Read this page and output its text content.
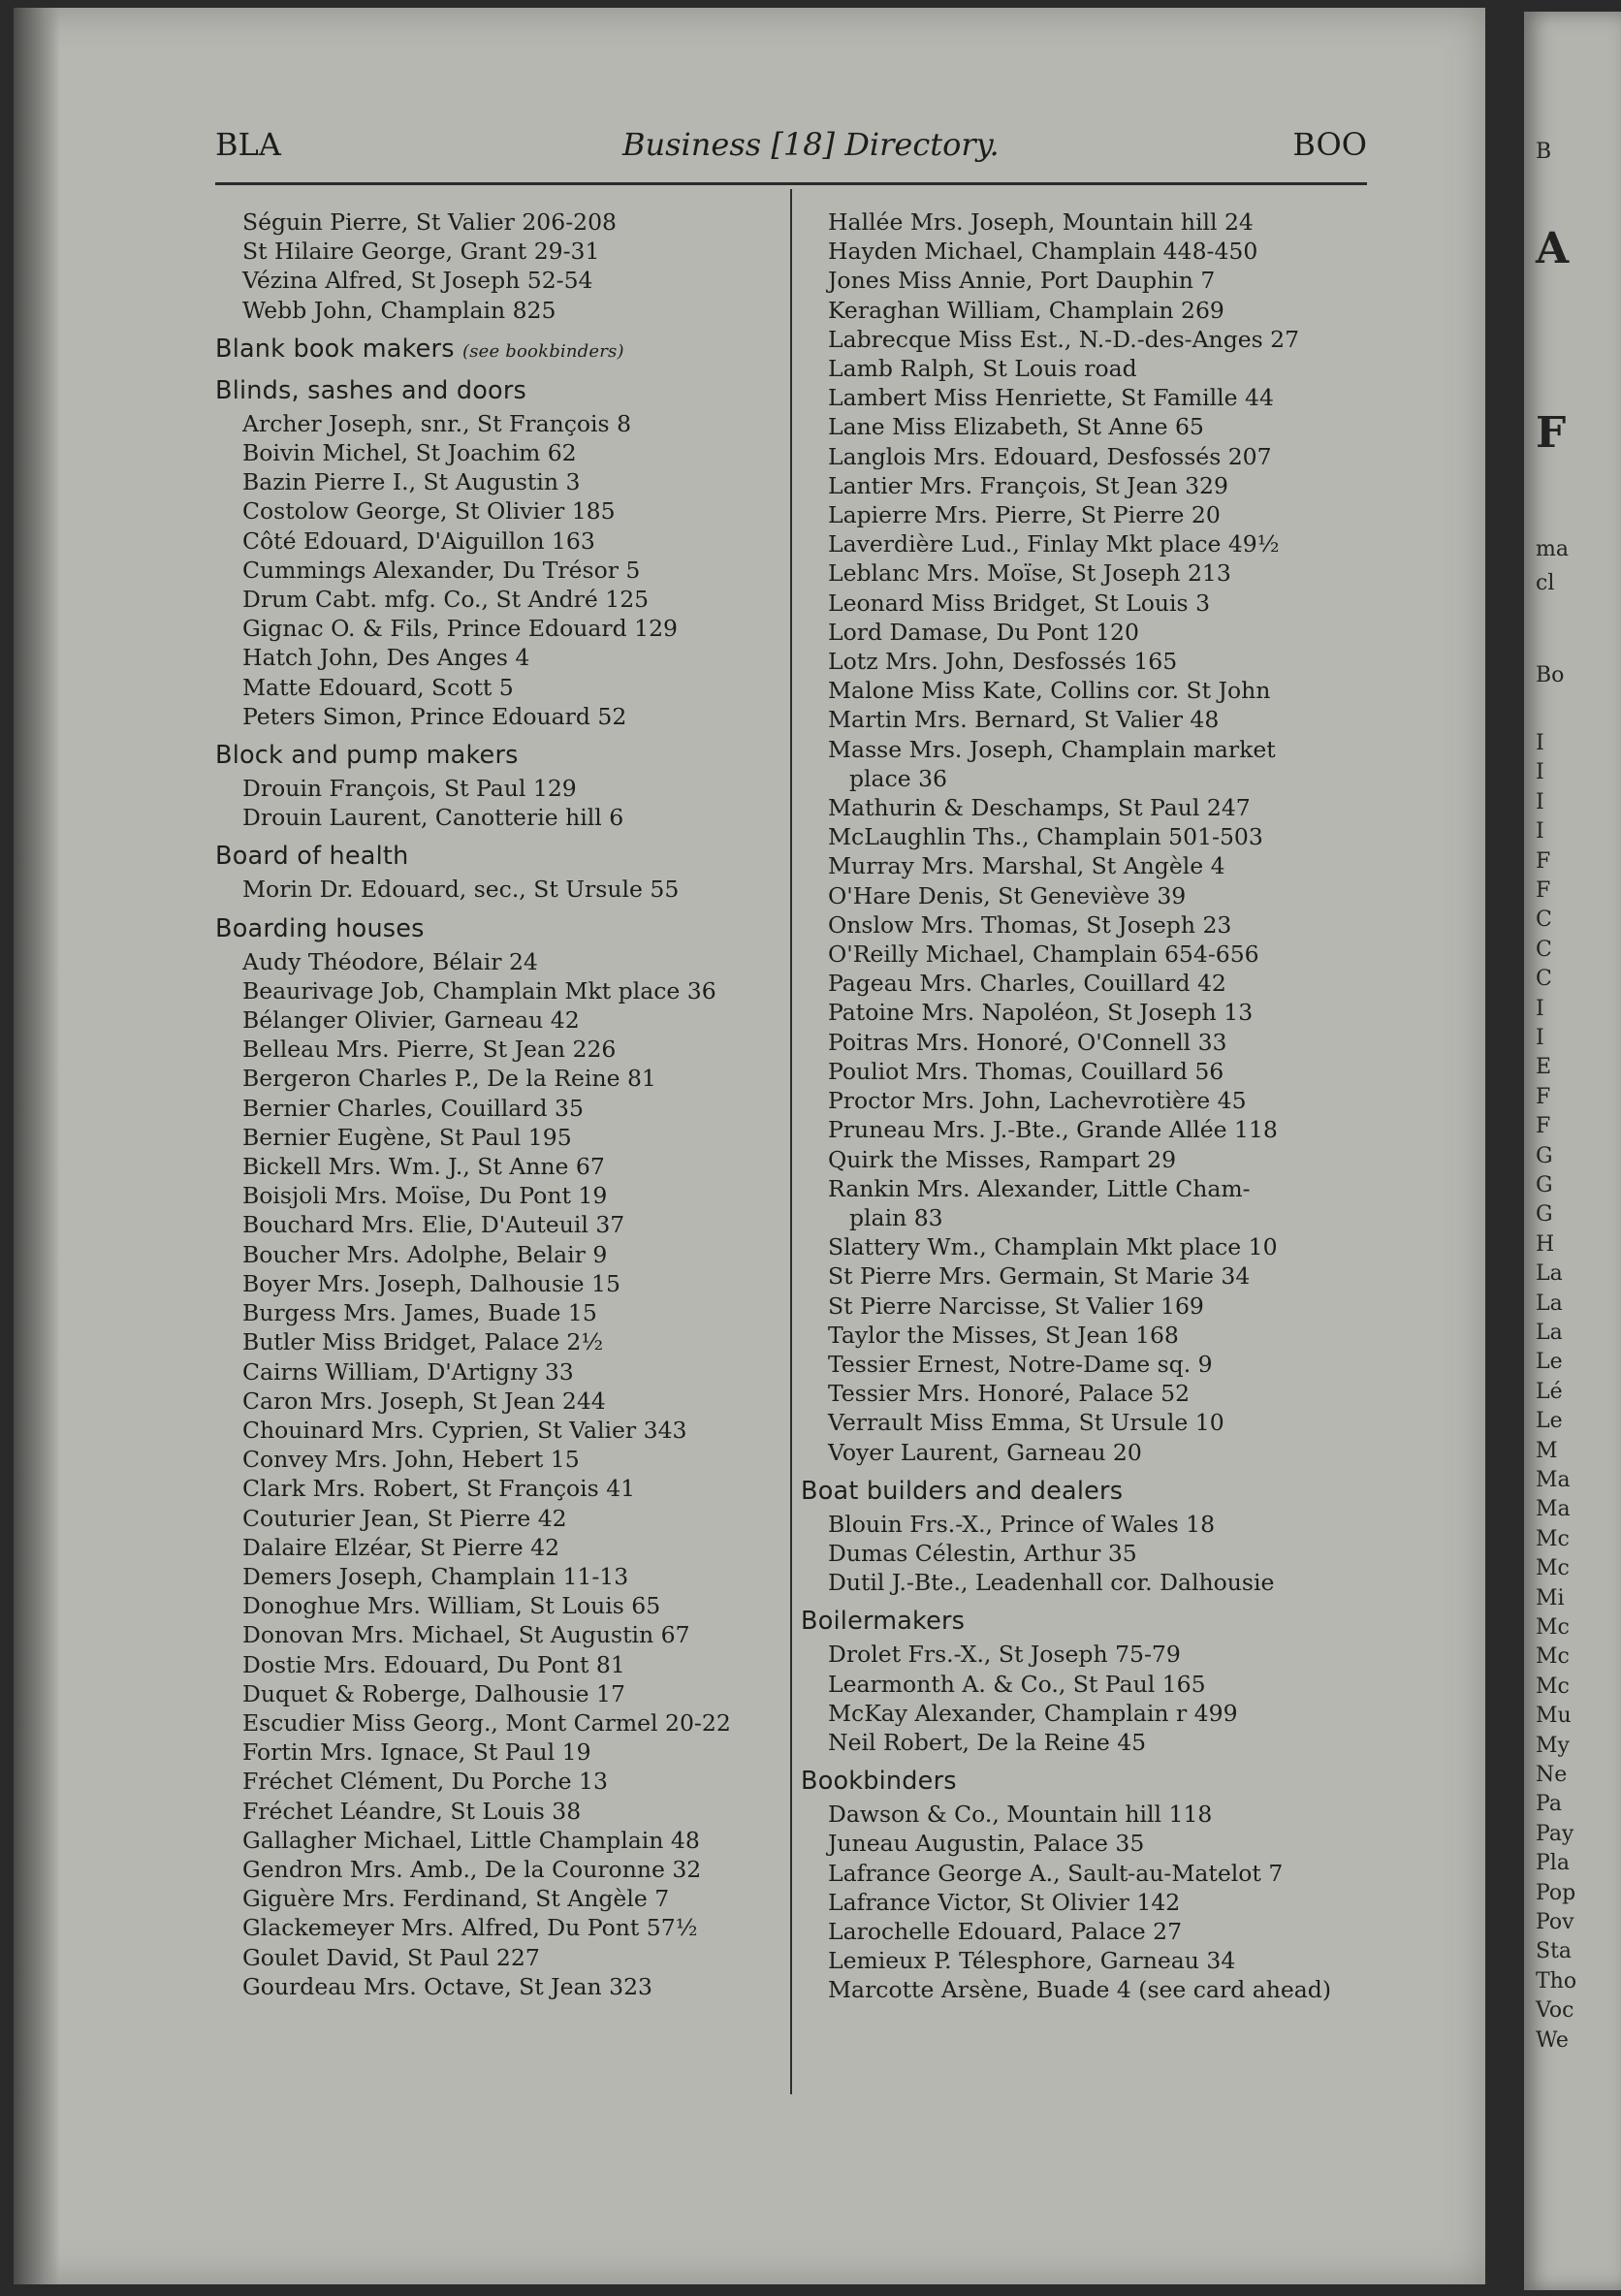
BLA	Business [18] Directory.	BOO
Séguin Pierre, St Valier 206-208
St Hilaire George, Grant 29-31
Vézina Alfred, St Joseph 52-54
Webb John, Champlain 825
Blank book makers (see bookbinders)
Blinds, sashes and doors
Archer Joseph, snr., St François 8
Boivin Michel, St Joachim 62
Bazin Pierre I., St Augustin 3
Costolow George, St Olivier 185
Côté Edouard, D'Aiguillon 163
Cummings Alexander, Du Trésor 5
Drum Cabt. mfg. Co., St André 125
Gignac O. & Fils, Prince Edouard 129
Hatch John, Des Anges 4
Matte Edouard, Scott 5
Peters Simon, Prince Edouard 52
Block and pump makers
Drouin François, St Paul 129
Drouin Laurent, Canotterie hill 6
Board of health
Morin Dr. Edouard, sec., St Ursule 55
Boarding houses
Audy Théodore, Bélair 24
Beaurivage Job, Champlain Mkt place 36
Bélanger Olivier, Garneau 42
Belleau Mrs. Pierre, St Jean 226
Bergeron Charles P., De la Reine 81
Bernier Charles, Couillard 35
Bernier Eugène, St Paul 195
Bickell Mrs. Wm. J., St Anne 67
Boisjoli Mrs. Moïse, Du Pont 19
Bouchard Mrs. Elie, D'Auteuil 37
Boucher Mrs. Adolphe, Belair 9
Boyer Mrs. Joseph, Dalhousie 15
Burgess Mrs. James, Buade 15
Butler Miss Bridget, Palace 2½
Cairns William, D'Artigny 33
Caron Mrs. Joseph, St Jean 244
Chouinard Mrs. Cyprien, St Valier 343
Convey Mrs. John, Hebert 15
Clark Mrs. Robert, St François 41
Couturier Jean, St Pierre 42
Dalaire Elzéar, St Pierre 42
Demers Joseph, Champlain 11-13
Donoghue Mrs. William, St Louis 65
Donovan Mrs. Michael, St Augustin 67
Dostie Mrs. Edouard, Du Pont 81
Duquet & Roberge, Dalhousie 17
Escudier Miss Georg., Mont Carmel 20-22
Fortin Mrs. Ignace, St Paul 19
Fréchet Clément, Du Porche 13
Fréchet Léandre, St Louis 38
Gallagher Michael, Little Champlain 48
Gendron Mrs. Amb., De la Couronne 32
Giguère Mrs. Ferdinand, St Angèle 7
Glackemeyer Mrs. Alfred, Du Pont 57½
Goulet David, St Paul 227
Gourdeau Mrs. Octave, St Jean 323
Hallée Mrs. Joseph, Mountain hill 24
Hayden Michael, Champlain 448-450
Jones Miss Annie, Port Dauphin 7
Keraghan William, Champlain 269
Labrecque Miss Est., N.-D.-des-Anges 27
Lamb Ralph, St Louis road
Lambert Miss Henriette, St Famille 44
Lane Miss Elizabeth, St Anne 65
Langlois Mrs. Edouard, Desfossés 207
Lantier Mrs. François, St Jean 329
Lapierre Mrs. Pierre, St Pierre 20
Laverdière Lud., Finlay Mkt place 49½
Leblanc Mrs. Moïse, St Joseph 213
Leonard Miss Bridget, St Louis 3
Lord Damase, Du Pont 120
Lotz Mrs. John, Desfossés 165
Malone Miss Kate, Collins cor. St John
Martin Mrs. Bernard, St Valier 48
Masse Mrs. Joseph, Champlain market
place 36
Mathurin & Deschamps, St Paul 247
McLaughlin Ths., Champlain 501-503
Murray Mrs. Marshal, St Angèle 4
O'Hare Denis, St Geneviève 39
Onslow Mrs. Thomas, St Joseph 23
O'Reilly Michael, Champlain 654-656
Pageau Mrs. Charles, Couillard 42
Patoine Mrs. Napoléon, St Joseph 13
Poitras Mrs. Honoré, O'Connell 33
Pouliot Mrs. Thomas, Couillard 56
Proctor Mrs. John, Lachevrotière 45
Pruneau Mrs. J.-Bte., Grande Allée 118
Quirk the Misses, Rampart 29
Rankin Mrs. Alexander, Little Cham-
plain 83
Slattery Wm., Champlain Mkt place 10
St Pierre Mrs. Germain, St Marie 34
St Pierre Narcisse, St Valier 169
Taylor the Misses, St Jean 168
Tessier Ernest, Notre-Dame sq. 9
Tessier Mrs. Honoré, Palace 52
Verrault Miss Emma, St Ursule 10
Voyer Laurent, Garneau 20
Boat builders and dealers
Blouin Frs.-X., Prince of Wales 18
Dumas Célestin, Arthur 35
Dutil J.-Bte., Leadenhall cor. Dalhousie
Boilermakers
Drolet Frs.-X., St Joseph 75-79
Learmonth A. & Co., St Paul 165
McKay Alexander, Champlain r 499
Neil Robert, De la Reine 45
Bookbinders
Dawson & Co., Mountain hill 118
Juneau Augustin, Palace 35
Lafrance George A., Sault-au-Matelot 7
Lafrance Victor, St Olivier 142
Larochelle Edouard, Palace 27
Lemieux P. Télesphore, Garneau 34
Marcotte Arsène, Buade 4 (see card ahead)
B
A
F
ma
cl
Bo
I
I
I
I
F
F
C
C
C
I
I
E
F
F
G
G
G
H
La
La
La
Le
Lé
Le
M
Ma
Ma
Mc
Mc
Mi
Mc
Mc
Mc
Mu
My
Ne
Pa
Pay
Pla
Pop
Pov
Sta
Tho
Voc
We
